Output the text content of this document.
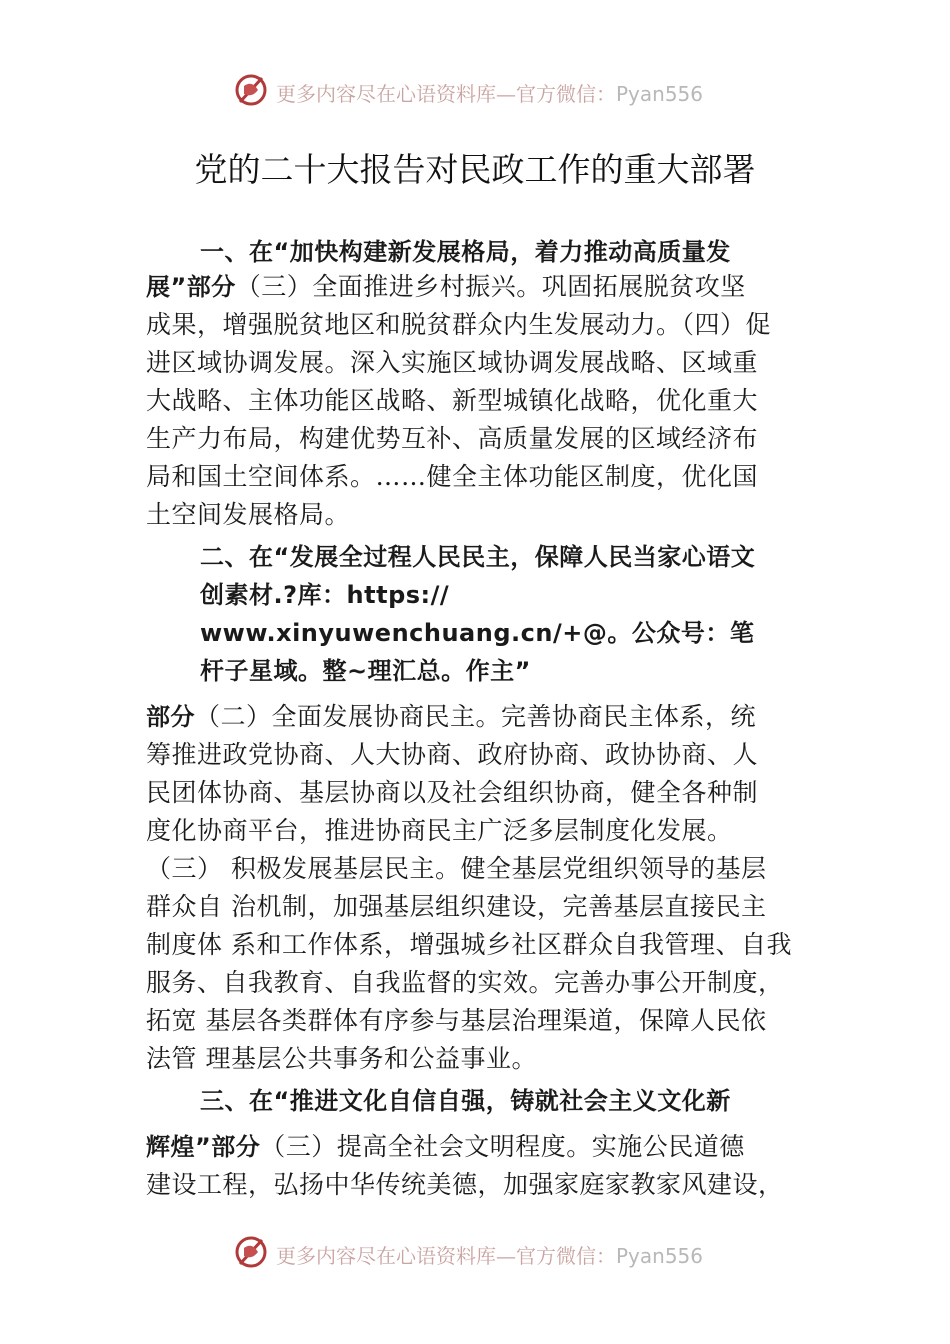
更多内容尽在心语资料库—官方微信：Pyan556
党的二十大报告对民政工作的重大部署
一、在“加快构建新发展格局，着力推动高质量发
展”部分（三）全面推进乡村振兴。巩固拓展脱贫攻坚
成果，增强脱贫地区和脱贫群众内生发展动力。（四）促
进区域协调发展。深入实施区域协调发展战略、区域重
大战略、主体功能区战略、新型城镇化战略，优化重大
生产力布局，构建优势互补、高质量发展的区域经济布
局和国土空间体系。……健全主体功能区制度，优化国
土空间发展格局。
二、在“发展全过程人民民主，保障人民当家心语文
创素材.?库：https://
www.xinyuwenchuang.cn/+@。公众号：笔
杆子星域。整~理汇总。作主”
部分（二）全面发展协商民主。完善协商民主体系，统
筹推进政党协商、人大协商、政府协商、政协协商、人
民团体协商、基层协商以及社会组织协商，健全各种制
度化协商平台，推进协商民主广泛多层制度化发展。
（三） 积极发展基层民主。健全基层党组织领导的基层
群众自 治机制，加强基层组织建设，完善基层直接民主
制度体 系和工作体系，增强城乡社区群众自我管理、自我
服务、自我教育、自我监督的实效。完善办事公开制度，
拓宽 基层各类群体有序参与基层治理渠道，保障人民依
法管 理基层公共事务和公益事业。
三、在“推进文化自信自强，铸就社会主义文化新
辉煌”部分（三）提高全社会文明程度。实施公民道德
建设工程，弘扬中华传统美德，加强家庭家教家风建设，
更多内容尽在心语资料库—官方微信：Pyan556
